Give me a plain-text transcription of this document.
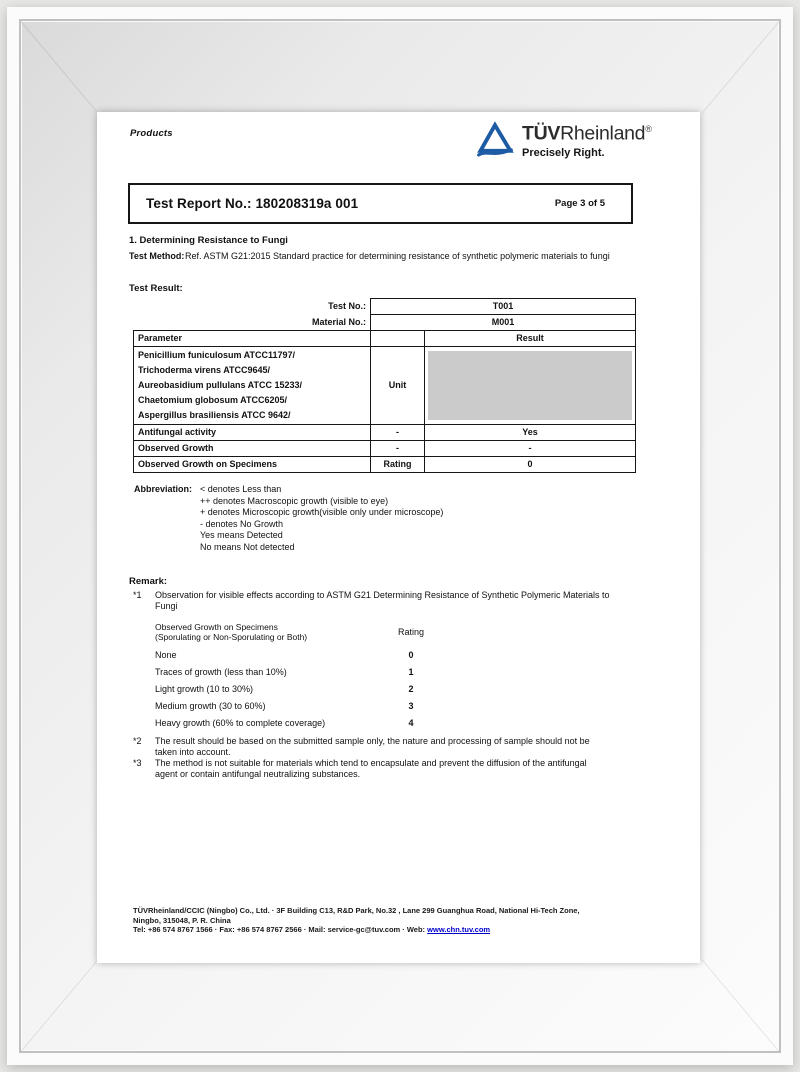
Products	TÜVRheinland®
Precisely Right.
Test Report No.: 180208319a 001	Page 3 of 5
1. Determining Resistance to Fungi
Test Method: Ref. ASTM G21:2015 Standard practice for determining resistance of synthetic polymeric materials to fungi
Test Result:
Test No.:	T001	
Material No.:	M001	
Parameter		Result

Penicillium funiculosum ATCC11797/
Trichoderma virens ATCC9645/
Aureobasidium pullulans ATCC 15233/
Chaetomium globosum ATCC6205/
Aspergillus brasiliensis ATCC 9642/	Unit	

Antifungal activity	-	Yes
Observed Growth	-	-
Observed Growth on Specimens	Rating	0
Abbreviation: < denotes Less than
++ denotes Macroscopic growth (visible to eye)
+ denotes Microscopic growth(visible only under microscope)
- denotes No Growth
Yes means Detected
No means Not detected
Remark:
*1	Observation for visible effects according to ASTM G21 Determining Resistance of Synthetic Polymeric Materials to Fungi
Observed Growth on Specimens
(Sporulating or Non-Sporulating or Both)	Rating
None	0
Traces of growth (less than 10%)	1
Light growth (10 to 30%)	2
Medium growth (30 to 60%)	3
Heavy growth (60% to complete coverage)	4
*2	The result should be based on the submitted sample only, the nature and processing of sample should not be taken into account.
*3	The method is not suitable for materials which tend to encapsulate and prevent the diffusion of the antifungal agent or contain antifungal neutralizing substances.
TÜVRheinland/CCIC (Ningbo) Co., Ltd. · 3F Building C13, R&D Park, No.32 , Lane 299 Guanghua Road, National Hi-Tech Zone,
Ningbo, 315048, P. R. China
Tel: +86 574 8767 1566 · Fax: +86 574 8767 2566 · Mail: service-gc@tuv.com · Web: www.chn.tuv.com
